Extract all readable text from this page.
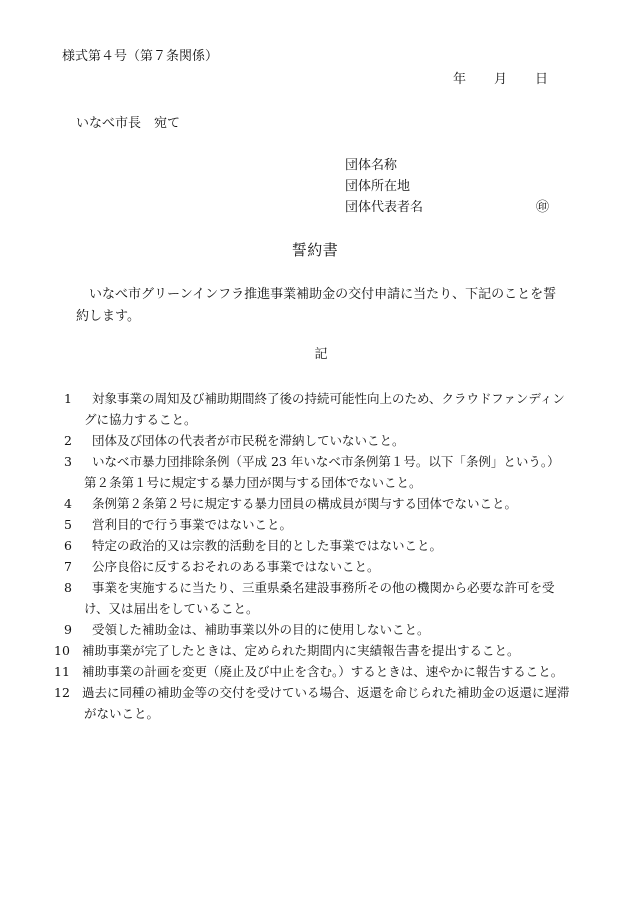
様式第４号（第７条関係）
年 月 日
いなべ市長　宛て
団体名称
団体所在地
団体代表者名	㊞
誓約書
いなべ市グリーンインフラ推進事業補助金の交付申請に当たり、下記のことを誓約します。
記
1 対象事業の周知及び補助期間終了後の持続可能性向上のため、クラウドファンディングに協力すること。
2 団体及び団体の代表者が市民税を滞納していないこと。
3 いなべ市暴力団排除条例（平成 23 年いなべ市条例第１号。以下「条例」という。）第２条第１号に規定する暴力団が関与する団体でないこと。
4 条例第２条第２号に規定する暴力団員の構成員が関与する団体でないこと。
5 営利目的で行う事業ではないこと。
6 特定の政治的又は宗教的活動を目的とした事業ではないこと。
7 公序良俗に反するおそれのある事業ではないこと。
8 事業を実施するに当たり、三重県桑名建設事務所その他の機関から必要な許可を受け、又は届出をしていること。
9 受領した補助金は、補助事業以外の目的に使用しないこと。
10 補助事業が完了したときは、定められた期間内に実績報告書を提出すること。
11 補助事業の計画を変更（廃止及び中止を含む。）するときは、速やかに報告すること。
12 過去に同種の補助金等の交付を受けている場合、返還を命じられた補助金の返還に遅滞がないこと。
